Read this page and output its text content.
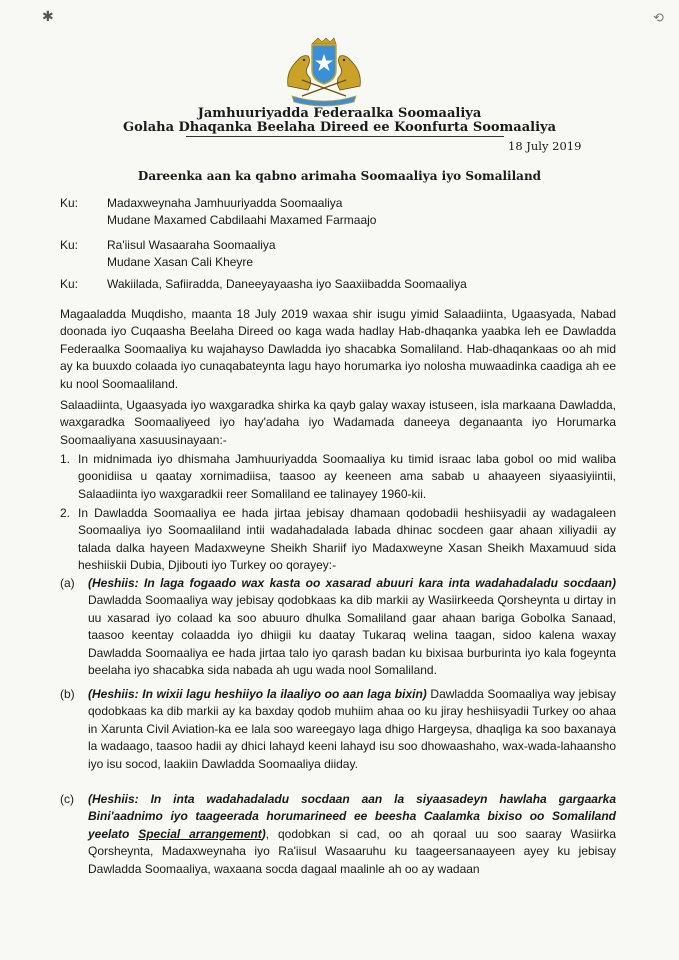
✱	⟲
Jamhuuriyadda Federaalka Soomaaliya
Golaha Dhaqanka Beelaha Direed ee Koonfurta Soomaaliya
18 July 2019
Dareenka aan ka qabno arimaha Soomaaliya iyo Somaliland
Ku:	Madaxweynaha Jamhuuriyadda Soomaaliya
Mudane Maxamed Cabdilaahi Maxamed Farmaajo
Ku:	Ra'iisul Wasaaraha Soomaaliya
Mudane Xasan Cali Kheyre
Ku:	Wakiilada, Safiiradda, Daneeyayaasha iyo Saaxiibadda Soomaaliya

Magaaladda Muqdisho, maanta 18 July 2019 waxaa shir isugu yimid Salaadiinta, Ugaasyada, Nabad doonada iyo Cuqaasha Beelaha Direed oo kaga wada hadlay Hab-dhaqanka yaabka leh ee Dawladda Federaalka Soomaaliya ku wajahayso Dawladda iyo shacabka Somaliland. Hab-dhaqankaas oo ah mid ay ka buuxdo colaada iyo cunaqabateynta lagu hayo horumarka iyo nolosha muwaadinka caadiga ah ee ku nool Soomaaliland.

Salaadiinta, Ugaasyada iyo waxgaradka shirka ka qayb galay waxay istuseen, isla markaana Dawladda, waxgaradka Soomaaliyeed iyo hay'adaha iyo Wadamada daneeya deganaanta iyo Horumarka Soomaaliyana xasuusinayaan:-

1. In midnimada iyo dhismaha Jamhuuriyadda Soomaaliya ku timid israac laba gobol oo mid waliba goonidiisa u qaatay xornimadiisa, taasoo ay keeneen ama sabab u ahaayeen siyaasiyiintii, Salaadiinta iyo waxgaradkii reer Somaliland ee talinayey 1960-kii.

2. In Dawladda Soomaaliya ee hada jirtaa jebisay dhamaan qodobadii heshiisyadii ay wadagaleen Soomaaliya iyo Soomaaliland intii wadahadalada labada dhinac socdeen gaar ahaan xiliyadii ay talada dalka hayeen Madaxweyne Sheikh Shariif iyo Madaxweyne Xasan Sheikh Maxamuud sida heshiiskii Dubia, Djibouti iyo Turkey oo qorayey:-

(a) (Heshiis: In laga fogaado wax kasta oo xasarad abuuri kara inta wadahadaladu socdaan) Dawladda Soomaaliya way jebisay qodobkaas ka dib markii ay Wasiirkeeda Qorsheynta u dirtay in uu xasarad iyo colaad ka soo abuuro dhulka Somaliland gaar ahaan bariga Gobolka Sanaad, taasoo keentay colaadda iyo dhiigii ku daatay Tukaraq welina taagan, sidoo kalena waxay Dawladda Soomaaliya ee hada jirtaa talo iyo qarash badan ku bixisaa burburinta iyo kala fogeynta beelaha iyo shacabka sida nabada ah ugu wada nool Somaliland.

(b) (Heshiis: In wixii lagu heshiiyo la ilaaliyo oo aan laga bixin) Dawladda Soomaaliya way jebisay qodobkaas ka dib markii ay ka baxday qodob muhiim ahaa oo ku jiray heshiisyadii Turkey oo ahaa in Xarunta Civil Aviation-ka ee lala soo wareegayo laga dhigo Hargeysa, dhaqliga ka soo baxanaya la wadaago, taasoo hadii ay dhici lahayd keeni lahayd isu soo dhowaashaho, wax-wada-lahaansho iyo isu socod, laakiin Dawladda Soomaaliya diiday.

(c) (Heshiis: In inta wadahadaladu socdaan aan la siyaasadeyn hawlaha gargaarka Bini'aadnimo iyo taageerada horumarineed ee beesha Caalamka bixiso oo Somaliland yeelato Special arrangement), qodobkan si cad, oo ah qoraal uu soo saaray Wasiirka Qorsheynta, Madaxweynaha iyo Ra'iisul Wasaaruhu ku taageersanaayeen ayey ku jebisay Dawladda Soomaaliya, waxaana socda dagaal maalinle ah oo ay wadaan
